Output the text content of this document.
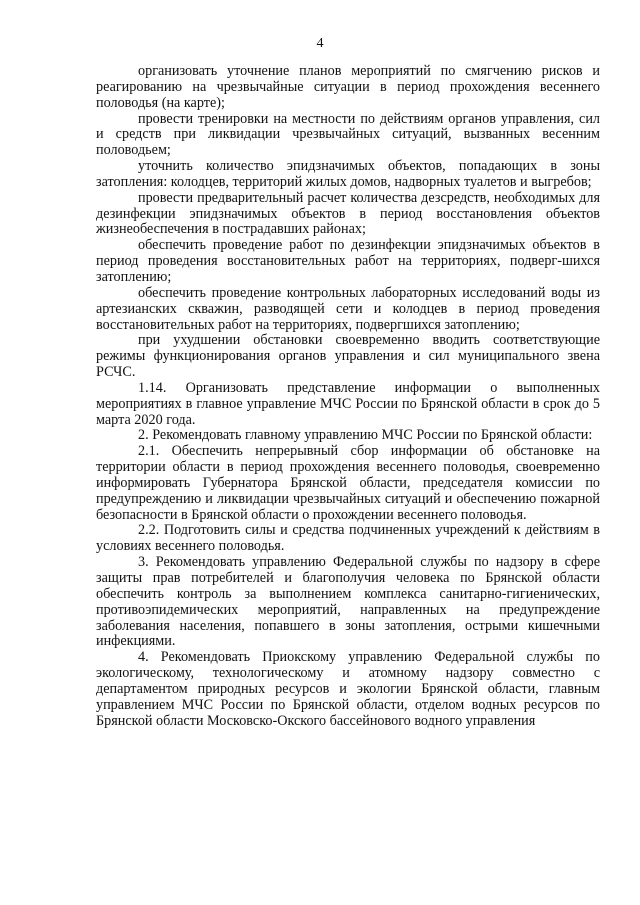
4

организовать уточнение планов мероприятий по смягчению рисков и реагированию на чрезвычайные ситуации в период прохождения весеннего половодья (на карте);

провести тренировки на местности по действиям органов управления, сил и средств при ликвидации чрезвычайных ситуаций, вызванных весенним половодьем;

уточнить количество эпидзначимых объектов, попадающих в зоны затопления: колодцев, территорий жилых домов, надворных туалетов и выгребов;

провести предварительный расчет количества дезсредств, необходимых для дезинфекции эпидзначимых объектов в период восстановления объектов жизнеобеспечения в пострадавших районах;

обеспечить проведение работ по дезинфекции эпидзначимых объектов в период проведения восстановительных работ на территориях, подверг-шихся затоплению;

обеспечить проведение контрольных лабораторных исследований воды из артезианских скважин, разводящей сети и колодцев в период проведения восстановительных работ на территориях, подвергшихся затоплению;

при ухудшении обстановки своевременно вводить соответствующие режимы функционирования органов управления и сил муниципального звена РСЧС.

1.14. Организовать представление информации о выполненных мероприятиях в главное управление МЧС России по Брянской области в срок до 5 марта 2020 года.

2. Рекомендовать главному управлению МЧС России по Брянской области:

2.1. Обеспечить непрерывный сбор информации об обстановке на территории области в период прохождения весеннего половодья, своевременно информировать Губернатора Брянской области, председателя комиссии по предупреждению и ликвидации чрезвычайных ситуаций и обеспечению пожарной безопасности в Брянской области о прохождении весеннего половодья.

2.2. Подготовить силы и средства подчиненных учреждений к действиям в условиях весеннего половодья.

3. Рекомендовать управлению Федеральной службы по надзору в сфере защиты прав потребителей и благополучия человека по Брянской области обеспечить контроль за выполнением комплекса санитарно-гигиенических, противоэпидемических мероприятий, направленных на предупреждение заболевания населения, попавшего в зоны затопления, острыми кишечными инфекциями.

4. Рекомендовать Приокскому управлению Федеральной службы по экологическому, технологическому и атомному надзору совместно с департаментом природных ресурсов и экологии Брянской области, главным управлением МЧС России по Брянской области, отделом водных ресурсов по Брянской области Московско-Окского бассейнового водного управления
